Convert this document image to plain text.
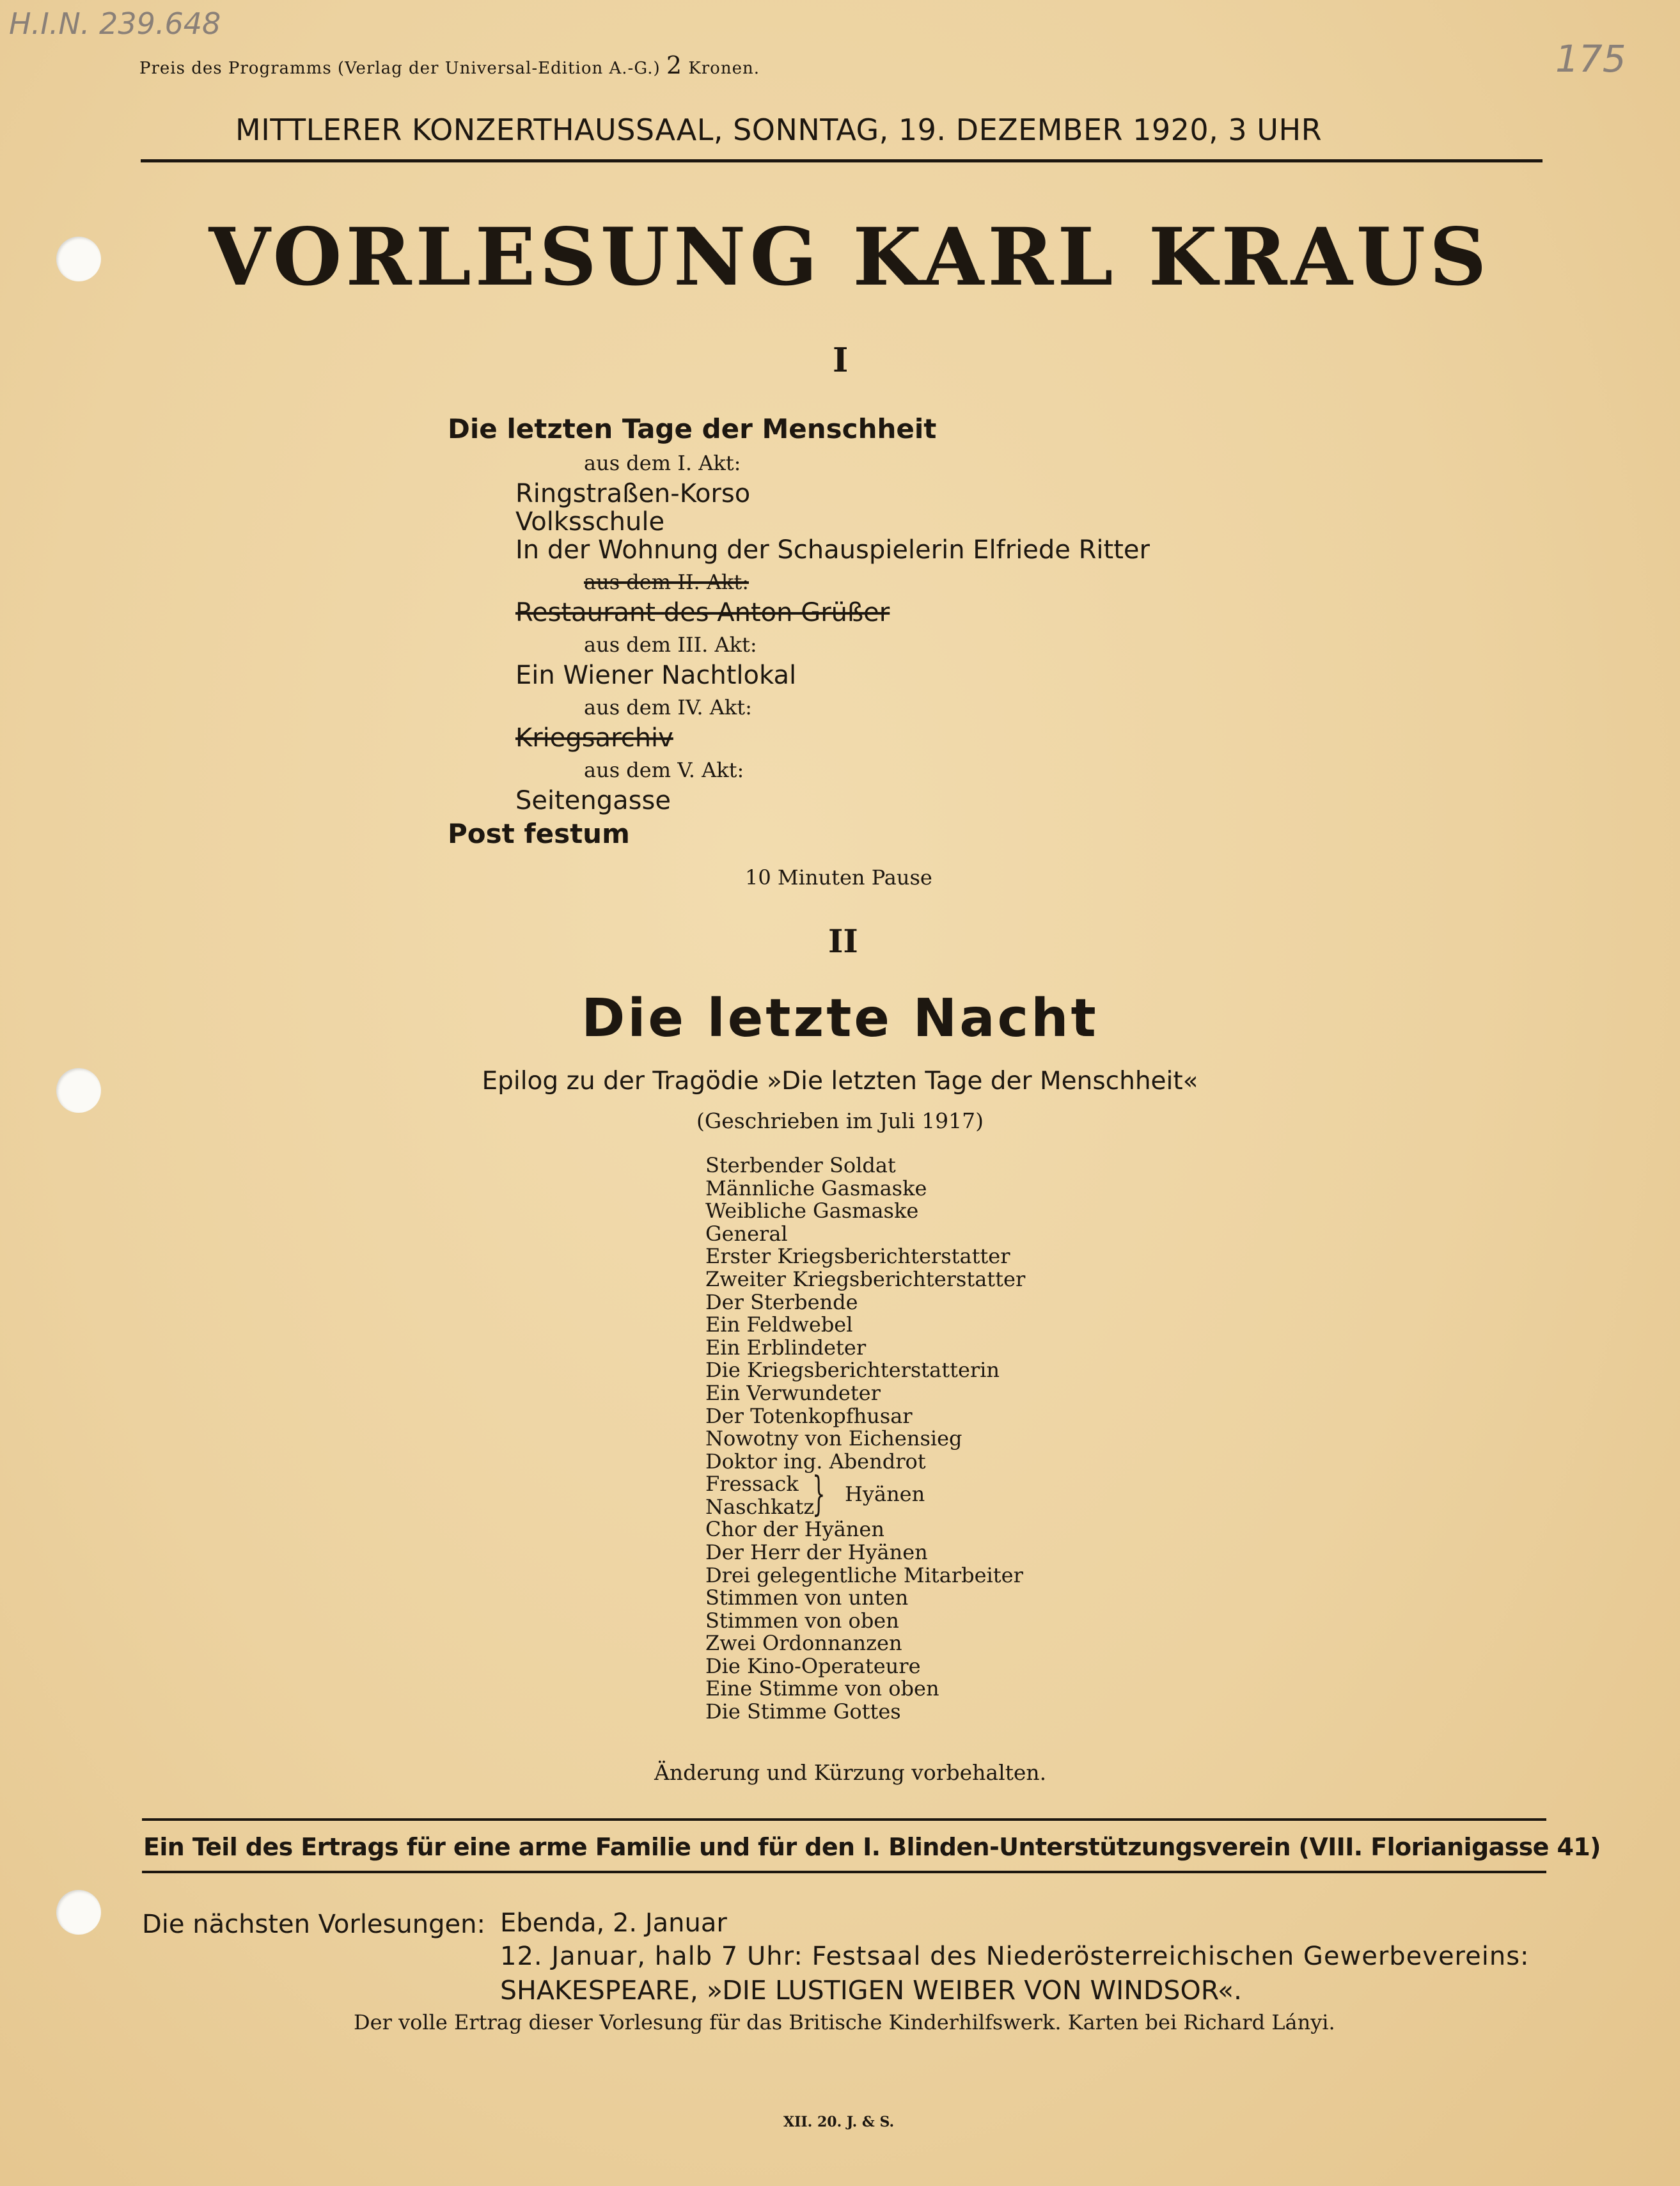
H.I.N. 239.648
175
Preis des Programms (Verlag der Universal-Edition A.-G.) 2 Kronen.
MITTLERER KONZERTHAUSSAAL, SONNTAG, 19. DEZEMBER 1920, 3 UHR
VORLESUNG KARL KRAUS
I
Die letzten Tage der Menschheit
aus dem I. Akt:
Ringstraßen-Korso
Volksschule
In der Wohnung der Schauspielerin Elfriede Ritter
aus dem II. Akt:
Restaurant des Anton Grüßer
aus dem III. Akt:
Ein Wiener Nachtlokal
aus dem IV. Akt:
Kriegsarchiv
aus dem V. Akt:
Seitengasse
Post festum
10 Minuten Pause
II
Die letzte Nacht
Epilog zu der Tragödie »Die letzten Tage der Menschheit«
(Geschrieben im Juli 1917)
Sterbender Soldat
Männliche Gasmaske
Weibliche Gasmaske
General
Erster Kriegsberichterstatter
Zweiter Kriegsberichterstatter
Der Sterbende
Ein Feldwebel
Ein Erblindeter
Die Kriegsberichterstatterin
Ein Verwundeter
Der Totenkopfhusar
Nowotny von Eichensieg
Doktor ing. Abendrot
Fressack
Naschkatz
} Hyänen
Chor der Hyänen
Der Herr der Hyänen
Drei gelegentliche Mitarbeiter
Stimmen von unten
Stimmen von oben
Zwei Ordonnanzen
Die Kino-Operateure
Eine Stimme von oben
Die Stimme Gottes
Änderung und Kürzung vorbehalten.
Ein Teil des Ertrags für eine arme Familie und für den I. Blinden-Unterstützungsverein (VIII. Florianigasse 41)
Die nächsten Vorlesungen: Ebenda, 2. Januar
12. Januar, halb 7 Uhr: Festsaal des Niederösterreichischen Gewerbevereins:
SHAKESPEARE, »DIE LUSTIGEN WEIBER VON WINDSOR«.
Der volle Ertrag dieser Vorlesung für das Britische Kinderhilfswerk. Karten bei Richard Lányi.
XII. 20. J. & S.
